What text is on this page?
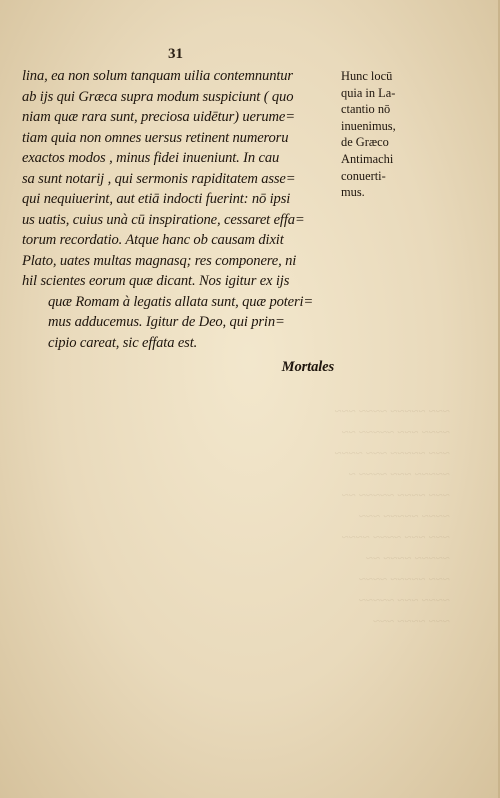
31
lina, ea non solum tanquam uilia contemnuntur
ab ijs qui Græca supra modum suspiciunt ( quo
niam quæ rara sunt, preciosa uidētur) uerume=
tiam quia non omnes uersus retinent numeroru
exactos modos , minus fidei inueniunt. In cau
sa sunt notarij , qui sermonis rapiditatem asse=
qui nequiuerint, aut etiā indocti fuerint: nō ipsi
us uatis, cuius unà cū inspiratione, cessaret effa=
torum recordatio. Atque hanc ob causam dixit
Plato, uates multas magnasq; res componere, ni
hil scientes eorum quæ dicant. Nos igitur ex ijs
quæ Romam à legatis allata sunt, quæ poteri=
mus adducemus. Igitur de Deo, qui prin=
cipio careat, sic effata est.
Mortales
Hunc locū
quia in La-
ctantio nō
inuenimus,
de Græco
Antimachi
conuerti-
mus.
~~~ ~~~~~ ~~~~ ~~~
~~~~ ~~~ ~~~~~ ~~
~~~ ~~~~~ ~~~ ~~~~
~~~~~ ~~~ ~~~~ ~
~~~ ~~~~ ~~~~~ ~~
~~~~ ~~~~~ ~~~
~~~ ~~~ ~~~~ ~~~~
~~~~~ ~~~~ ~~
~~~ ~~~~~ ~~~~
~~~~ ~~~ ~~~~~
~~~ ~~~~ ~~~
